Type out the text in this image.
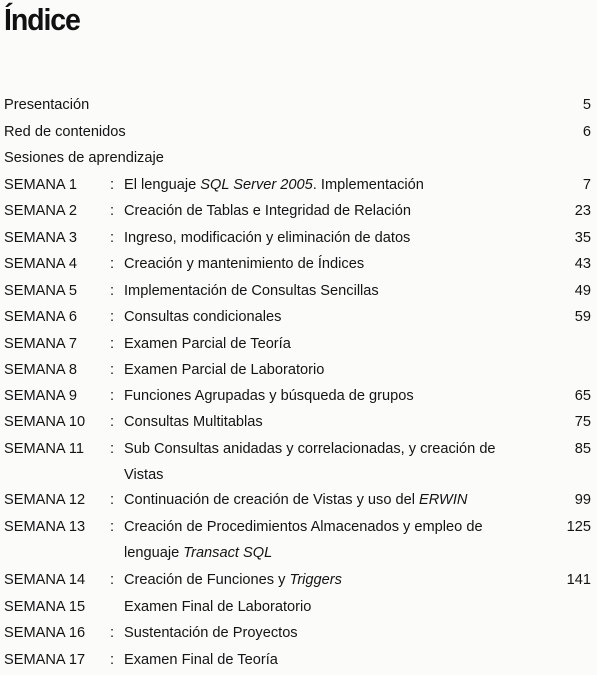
Índice
Presentación	5
Red de contenidos	6
Sesiones de aprendizaje
SEMANA 1 : El lenguaje SQL Server 2005. Implementación	7
SEMANA 2 : Creación de Tablas e Integridad de Relación	23
SEMANA 3 : Ingreso, modificación y eliminación de datos	35
SEMANA 4 : Creación y mantenimiento de Índices	43
SEMANA 5 : Implementación de Consultas Sencillas	49
SEMANA 6 : Consultas condicionales	59
SEMANA 7 : Examen Parcial de Teoría
SEMANA 8 : Examen Parcial de Laboratorio
SEMANA 9 : Funciones Agrupadas y búsqueda de grupos	65
SEMANA 10 : Consultas Multitablas	75
SEMANA 11 : Sub Consultas anidadas y correlacionadas, y creación de	85
Vistas
SEMANA 12 : Continuación de creación de Vistas y uso del ERWIN	99
SEMANA 13 : Creación de Procedimientos Almacenados y empleo de	125
lenguaje Transact SQL
SEMANA 14 : Creación de Funciones y Triggers	141
SEMANA 15	Examen Final de Laboratorio
SEMANA 16 : Sustentación de Proyectos
SEMANA 17 : Examen Final de Teoría
